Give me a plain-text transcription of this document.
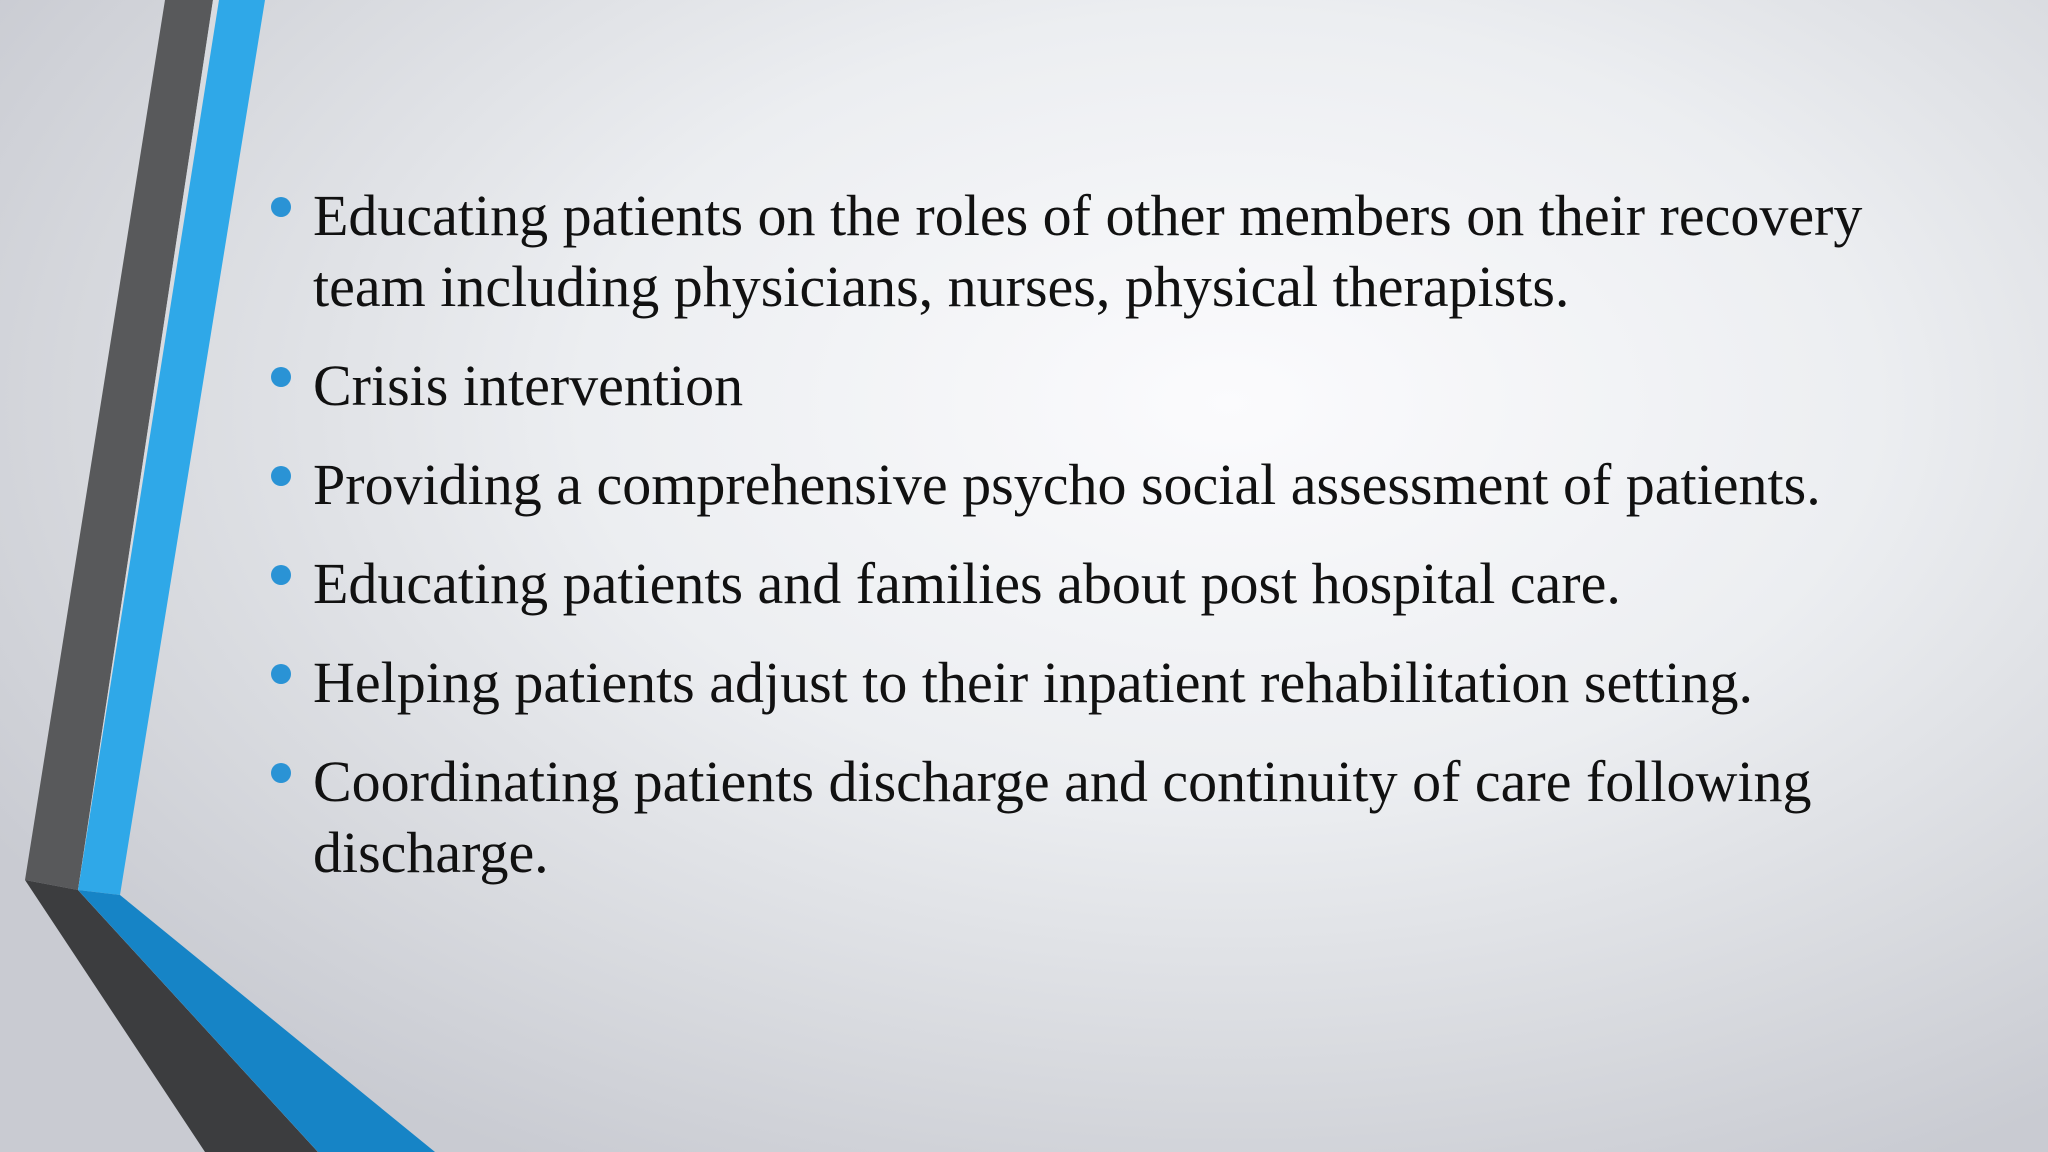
Educating patients on the roles of other members on their recovery team including physicians, nurses, physical therapists.
Crisis intervention
Providing a comprehensive psycho social assessment of patients.
Educating patients and families about post hospital care.
Helping patients adjust to their inpatient rehabilitation setting.
Coordinating patients discharge and continuity of care following discharge.
